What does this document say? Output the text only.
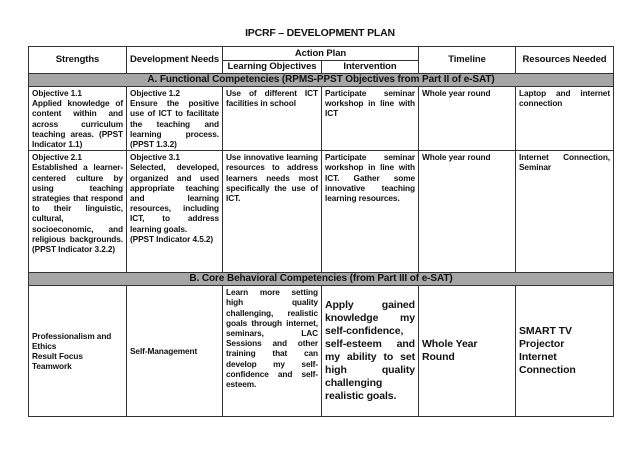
IPCRF – DEVELOPMENT PLAN
Strengths	Development Needs	Action Plan		Timeline	Resources Needed
		Learning Objectives	Intervention		
A. Functional Competencies (RPMS-PPST Objectives from Part II of e-SAT)					

Objective 1.1
Applied knowledge of content within and across curriculum teaching areas. (PPST Indicator 1.1)	Objective 1.2
Ensure the positive use of ICT to facilitate the teaching and learning process. (PPST 1.3.2)	Use of different ICT facilities in school	Participate seminar workshop in line with ICT	Whole year round	Laptop and internet connection

Objective 2.1
Established a learner-centered culture by using teaching strategies that respond to their linguistic, cultural, socioeconomic, and religious backgrounds. (PPST Indicator 3.2.2)	Objective 3.1
Selected, developed, organized and used appropriate teaching and learning resources, including ICT, to address learning goals.
(PPST Indicator 4.5.2)	Use innovative learning resources to address learners needs most specifically the use of ICT.	Participate seminar workshop in line with ICT. Gather some innovative teaching learning resources.	Whole year round	Internet Connection, Seminar
B. Core Behavioral Competencies (from Part III of e-SAT)					

Professionalism and Ethics
Result Focus
Teamwork	Self-Management	Learn more setting high quality challenging, realistic goals through internet, seminars, LAC Sessions and other training that can develop my self-confidence and self-esteem.	Apply gained knowledge my self-confidence, self-esteem and my ability to set high quality challenging realistic goals.	Whole Year Round	SMART TV
Projector
Internet Connection
